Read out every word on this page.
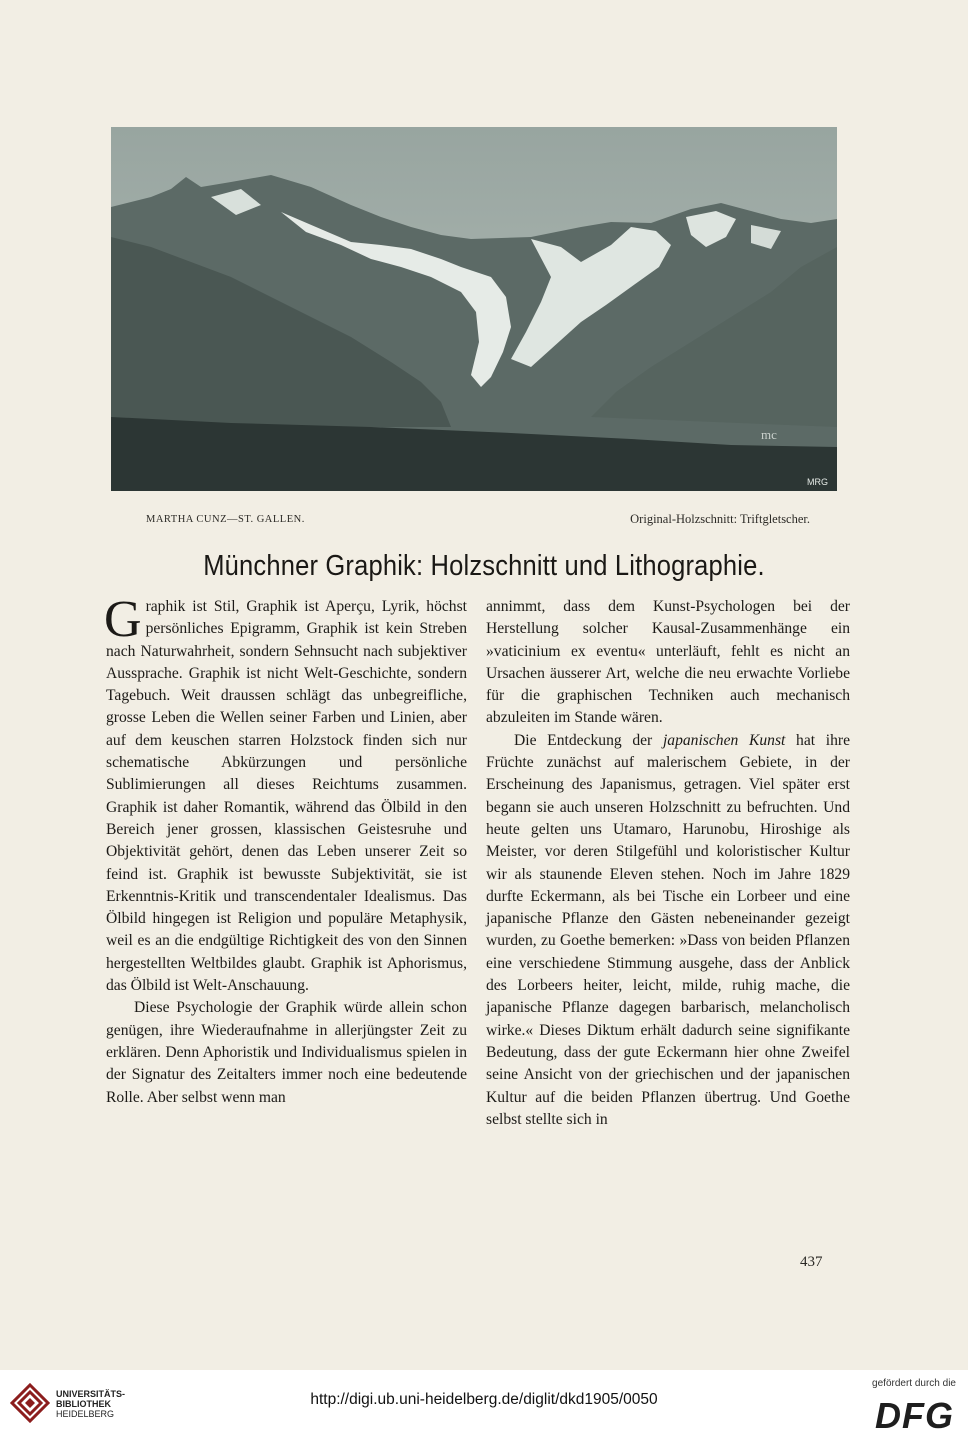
mc
MRG
MARTHA CUNZ—ST. GALLEN.	Original-Holzschnitt: Triftgletscher.
Münchner Graphik: Holzschnitt und Lithographie.

Graphik ist Stil, Graphik ist Aperçu, Lyrik, höchst persönliches Epigramm, Graphik ist kein Streben nach Naturwahrheit, sondern Sehnsucht nach subjektiver Aussprache. Graphik ist nicht Welt-Geschichte, sondern Tagebuch. Weit draussen schlägt das unbegreifliche, grosse Leben die Wellen seiner Farben und Linien, aber auf dem keuschen starren Holzstock finden sich nur schematische Abkürzungen und persönliche Sublimierungen all dieses Reichtums zusammen. Graphik ist daher Romantik, während das Ölbild in den Bereich jener grossen, klassischen Geistesruhe und Objektivität gehört, denen das Leben unserer Zeit so feind ist. Graphik ist bewusste Subjektivität, sie ist Erkenntnis-Kritik und transcendentaler Idealismus. Das Ölbild hingegen ist Religion und populäre Metaphysik, weil es an die endgültige Richtigkeit des von den Sinnen hergestellten Weltbildes glaubt. Graphik ist Aphorismus, das Ölbild ist Welt-Anschauung.

Diese Psychologie der Graphik würde allein schon genügen, ihre Wiederaufnahme in allerjüngster Zeit zu erklären. Denn Aphoristik und Individualismus spielen in der Signatur des Zeitalters immer noch eine bedeutende Rolle. Aber selbst wenn man

annimmt, dass dem Kunst-Psychologen bei der Herstellung solcher Kausal-Zusammenhänge ein »vaticinium ex eventu« unterläuft, fehlt es nicht an Ursachen äusserer Art, welche die neu erwachte Vorliebe für die graphischen Techniken auch mechanisch abzuleiten im Stande wären.

Die Entdeckung der japanischen Kunst hat ihre Früchte zunächst auf malerischem Gebiete, in der Erscheinung des Japanismus, getragen. Viel später erst begann sie auch unseren Holzschnitt zu befruchten. Und heute gelten uns Utamaro, Harunobu, Hiroshige als Meister, vor deren Stilgefühl und koloristischer Kultur wir als staunende Eleven stehen. Noch im Jahre 1829 durfte Eckermann, als bei Tische ein Lorbeer und eine japanische Pflanze den Gästen nebeneinander gezeigt wurden, zu Goethe bemerken: »Dass von beiden Pflanzen eine verschiedene Stimmung ausgehe, dass der Anblick des Lorbeers heiter, leicht, milde, ruhig mache, die japanische Pflanze dagegen barbarisch, melancholisch wirke.« Dieses Diktum erhält dadurch seine signifikante Bedeutung, dass der gute Eckermann hier ohne Zweifel seine Ansicht von der griechischen und der japanischen Kultur auf die beiden Pflanzen übertrug. Und Goethe selbst stellte sich in

437
UNIVERSITÄTS-
BIBLIOTHEK
HEIDELBERG
http://digi.ub.uni-heidelberg.de/diglit/dkd1905/0050
gefördert durch die
DFG
